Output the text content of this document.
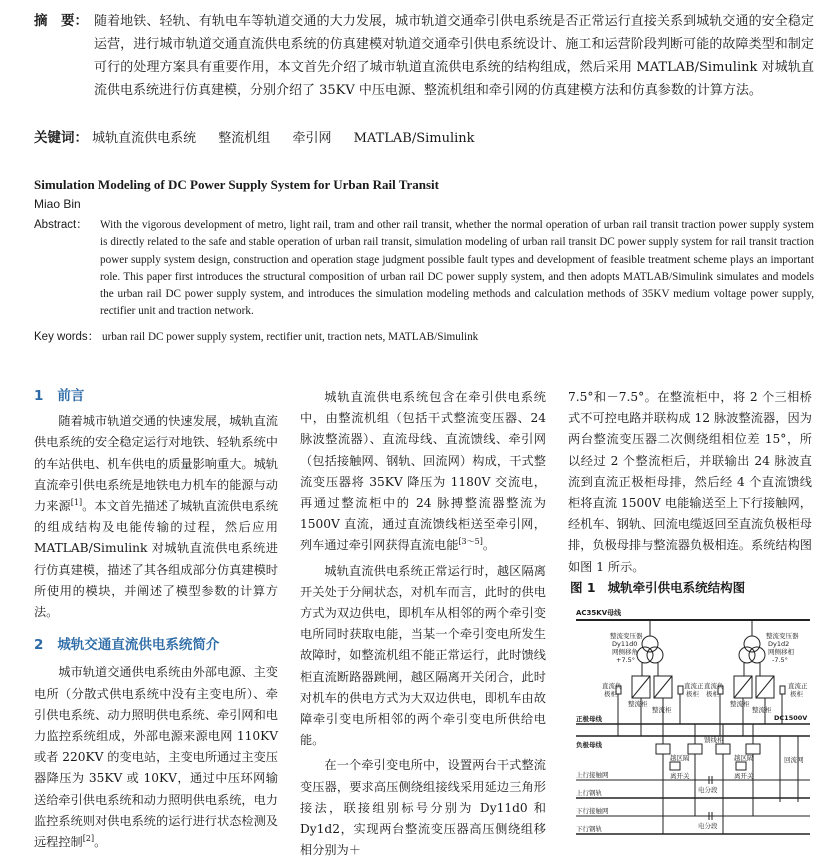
摘　要： 随着地铁、轻轨、有轨电车等轨道交通的大力发展，城市轨道交通牵引供电系统是否正常运行直接关系到城轨交通的安全稳定运营，进行城市轨道交通直流供电系统的仿真建模对轨道交通牵引供电系统设计、施工和运营阶段判断可能的故障类型和制定可行的处理方案具有重要作用，本文首先介绍了城市轨道直流供电系统的结构组成，然后采用 MATLAB/Simulink 对城轨直流供电系统进行仿真建模，分别介绍了 35KV 中压电源、整流机组和牵引网的仿真建模方法和仿真参数的计算方法。
关键词： 城轨直流供电系统 整流机组 牵引网 MATLAB/Simulink
Simulation Modeling of DC Power Supply System for Urban Rail Transit
Miao Bin
Abstract： With the vigorous development of metro, light rail, tram and other rail transit, whether the normal operation of urban rail transit traction power supply system is directly related to the safe and stable operation of urban rail transit, simulation modeling of urban rail transit DC power supply system for rail transit traction power supply system design, construction and operation stage judgment possible fault types and development of feasible treatment scheme plays an important role. This paper first introduces the structural composition of urban rail DC power supply system, and then adopts MATLAB/Simulink simulates and models the urban rail DC power supply system, and introduces the simulation modeling methods and calculation methods of 35KV medium voltage power supply, rectifier unit and traction network.
Key words： urban rail DC power supply system, rectifier unit, traction nets, MATLAB/Simulink
1 前言

随着城市轨道交通的快速发展，城轨直流供电系统的安全稳定运行对地铁、轻轨系统中的车站供电、机车供电的质量影响重大。城轨直流牵引供电系统是地铁电力机车的能源与动力来源[1]。本文首先描述了城轨直流供电系统的组成结构及电能传输的过程，然后应用 MATLAB/Simulink 对城轨直流供电系统进行仿真建模，描述了其各组成部分仿真建模时所使用的模块，并阐述了模型参数的计算方法。

2 城轨交通直流供电系统简介

城市轨道交通供电系统由外部电源、主变电所（分散式供电系统中没有主变电所）、牵引供电系统、动力照明供电系统、牵引网和电力监控系统组成，外部电源来源电网 110KV 或者 220KV 的变电站，主变电所通过主变压器降压为 35KV 或 10KV，通过中压环网输送给牵引供电系统和动力照明供电系统，电力监控系统则对供电系统的运行进行状态检测及远程控制[2]。

城轨直流供电系统包含在牵引供电系统中，由整流机组（包括干式整流变压器、24 脉波整流器）、直流母线、直流馈线、牵引网（包括接触网、钢轨、回流网）构成，干式整流变压器将 35KV 降压为 1180V 交流电，再通过整流柜中的 24 脉搏整流器整流为 1500V 直流，通过直流馈线柜送至牵引网，列车通过牵引网获得直流电能[3～5]。

城轨直流供电系统正常运行时，越区隔离开关处于分闸状态，对机车而言，此时的供电方式为双边供电，即机车从相邻的两个牵引变电所同时获取电能，当某一个牵引变电所发生故障时，如整流机组不能正常运行，此时馈线柜直流断路器跳闸，越区隔离开关闭合，此时对机车的供电方式为大双边供电，即机车由故障牵引变电所相邻的两个牵引变电所供给电能。

在一个牵引变电所中，设置两台干式整流变压器，要求高压侧绕组接线采用延边三角形接法，联接组别标号分别为 Dy11d0 和 Dy1d2，实现两台整流变压器高压侧绕组移相分别为＋

7.5°和－7.5°。在整流柜中，将 2 个三相桥式不可控电路并联构成 12 脉波整流器，因为两台整流变压器二次侧绕组相位差 15°，所以经过 2 个整流柜后，并联输出 24 脉波直流到直流正极柜母排，然后经 4 个直流馈线柜将直流 1500V 电能输送至上下行接触网，经机车、钢轨、回流电缆返回至直流负极柜母排，负极母排与整流器负极相连。系统结构图如图 1 所示。

图 1 城轨牵引供电系统结构图
AC35KV母线
整流变压器
Dy11d0
网侧移角
+7.5°
整流变压器
Dy1d2
网侧移相
-7.5°
直流负
极柜
整流柜
直流正
极柜
整流柜
整流柜
直流负
极柜
整流柜
直流正
极柜
DC1500V
正极母线
负极母线
馈线柜
越区隔
离开关
越区隔
离开关
回流网
上行接触网
上行钢轨	电分段
下行接触网
下行钢轨	电分段
